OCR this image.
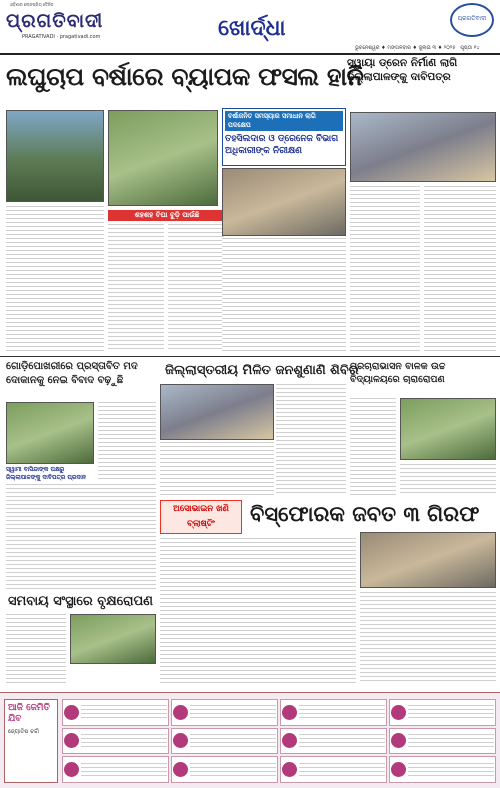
ଓଡ଼ିଶାର ଲୋକପ୍ରିୟ ଦୈନିକ
ପ୍ରଗତିବାଦୀ
PRAGATIVADI · pragativadi.com	ଖୋର୍ଦ୍ଧା	ପ୍ରଗତିବାଦୀ
ଭୁବନେଶ୍ୱର ♦ ମଙ୍ଗଳବାର ♦ ଜୁଲାଇ ୩ ♦ ୨୦୨୫ ପୃଷ୍ଠା ୧୪
ଲଘୁଚାପ ବର୍ଷାରେ ବ୍ୟାପକ ଫସଲ ହାନି
ସ୍ୱାୟା ଡ୍ରେନ ନିର୍ମାଣ ଲାଗି ଜିଲ୍ଲାପାଳଙ୍କୁ ଦାବିପତ୍ର
ଶହଶହ ବିଘା ବୁଡ଼ି ପାଉଁଛି
ବର୍ଷାଜନିତ ସମସ୍ୟାର ସମାଧାନ ଲାଗି ପଦକ୍ଷେପ
ତହସିଲଦାର ଓ ଡ୍ରେନେଜ ବିଭାଗ ଅଧିକାରୀଙ୍କ ନିରୀକ୍ଷଣ
ଗୋଡ଼ିପୋଖରୀରେ ପ୍ରସ୍ତାବିତ ମଦ ଦୋକାନକୁ ନେଇ ବିବାଦ ବଢ଼ୁଛି
ସ୍ୱାମୀ ବାସିନ୍ଦାଙ୍କ ପକ୍ଷରୁ ଜିଲ୍ଲାପାଳଙ୍କୁ ଦାବିପତ୍ର ପ୍ରଦାନ
ଜିଲ୍ଲାସ୍ତରୀୟ ମିଳିତ ଜନଶୁଣାଣି ଶିବିର
ପ୍ରଚାରାଭାସନ ବାଳକ ଉଚ୍ଚ ବିଦ୍ୟାଳୟରେ ଚାରାରୋପଣ
ଅସୋଭାଇନ ଖଣି ବ୍ଲାଷ୍ଟିଂ	ବିସ୍ଫୋରକ ଜବତ ୩ ଗିରଫ
ସମବାୟ ସଂସ୍ଥାରେ ବୃକ୍ଷରୋପଣ
ଆଜି ଜେମିତି ଯିବ
ଜ୍ୟୋତିଷ ଚର୍ଚ୍ଚା
